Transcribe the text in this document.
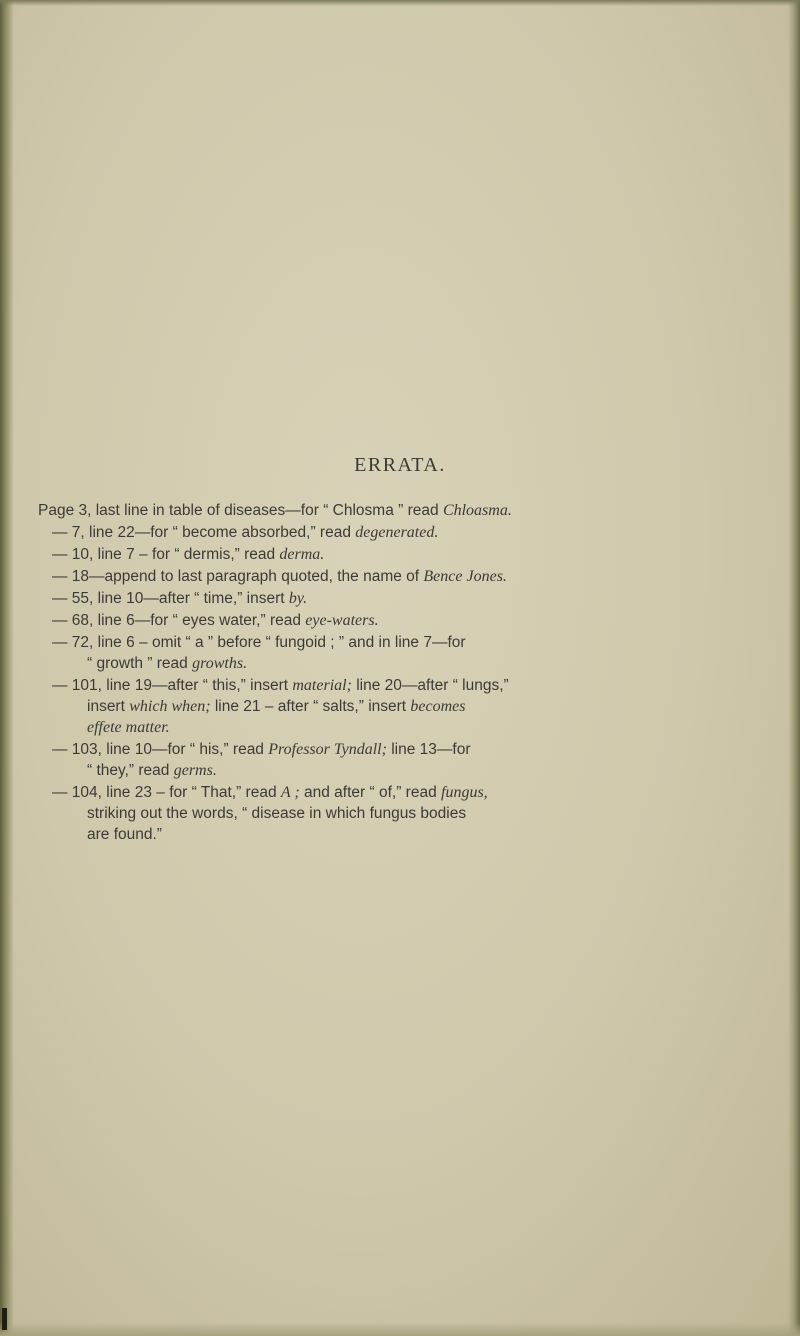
ERRATA.
Page 3, last line in table of diseases—for “ Chlosma ” read Chloasma.
— 7, line 22—for “ become absorbed,” read degenerated.
— 10, line 7 – for “ dermis,” read derma.
— 18—append to last paragraph quoted, the name of Bence Jones.
— 55, line 10—after “ time,” insert by.
— 68, line 6—for “ eyes water,” read eye-waters.
— 72, line 6 – omit “ a ” before “ fungoid ; ” and in line 7—for
“ growth ” read growths.
— 101, line 19—after “ this,” insert material; line 20—after “ lungs,”
insert which when; line 21 – after “ salts,” insert becomes
effete matter.
— 103, line 10—for “ his,” read Professor Tyndall; line 13—for
“ they,” read germs.
— 104, line 23 – for “ That,” read A ; and after “ of,” read fungus,
striking out the words, “ disease in which fungus bodies
are found.”
